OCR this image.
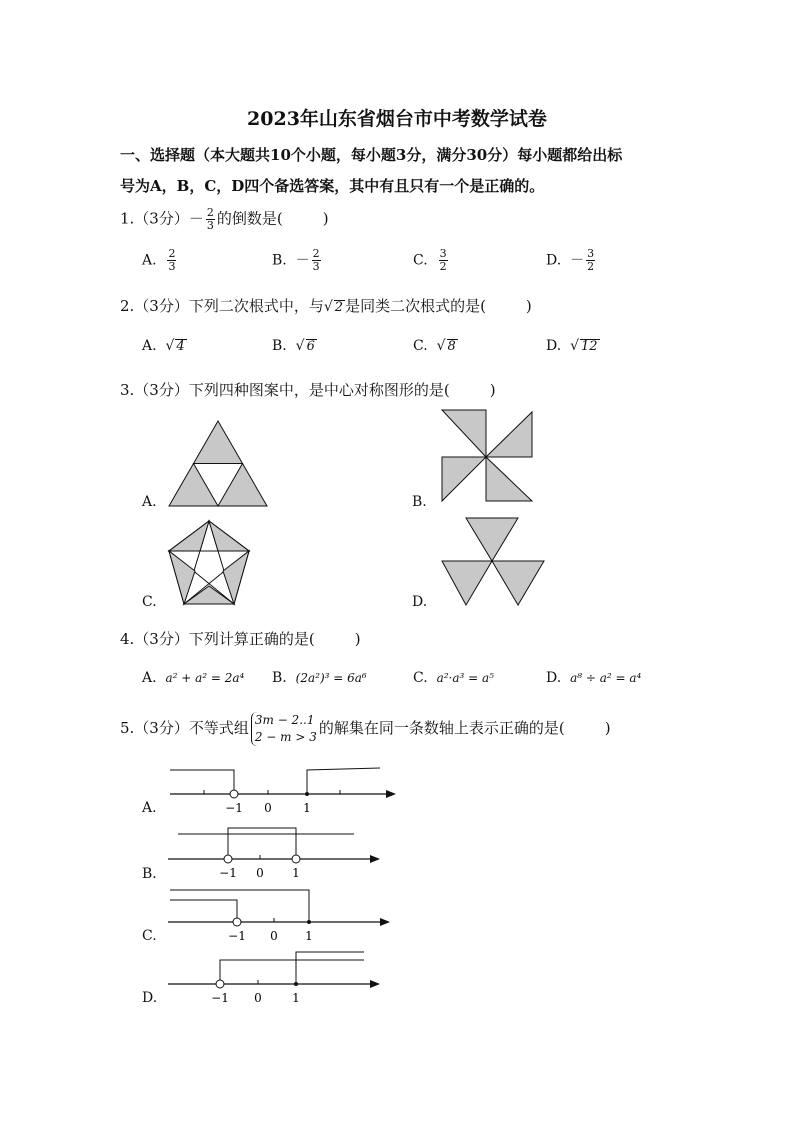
2023年山东省烟台市中考数学试卷
一、选择题（本大题共10个小题，每小题3分，满分30分）每小题都给出标
号为A，B，C，D四个备选答案，其中有且只有一个是正确的。
1.（3分）－ $\frac{2}{3}$ 的倒数是(	)
A. $\frac{2}{3}$	B. － $\frac{2}{3}$	C. $\frac{3}{2}$	D. － $\frac{3}{2}$
2.（3分）下列二次根式中，与√ 2 是同类二次根式的是(	)
A. √ 4	B. √ 6	C. √ 8	D. √ 12
3.（3分）下列四种图案中，是中心对称图形的是(	)
A.	B.
C.	D.
4.（3分）下列计算正确的是(	)
A. a² + a² = 2a⁴ B. (2a²)³ = 6a⁶	C. a²·a³ = a⁵	D. a⁸ ÷ a² = a⁴
5.（3分）不等式组 3m − 2..1
2 − m > 3 的解集在同一条数轴上表示正确的是(	)
−1 0	1
A.
−1 0 1
B.
−1 0 1
C.
−1 0	1
D.
